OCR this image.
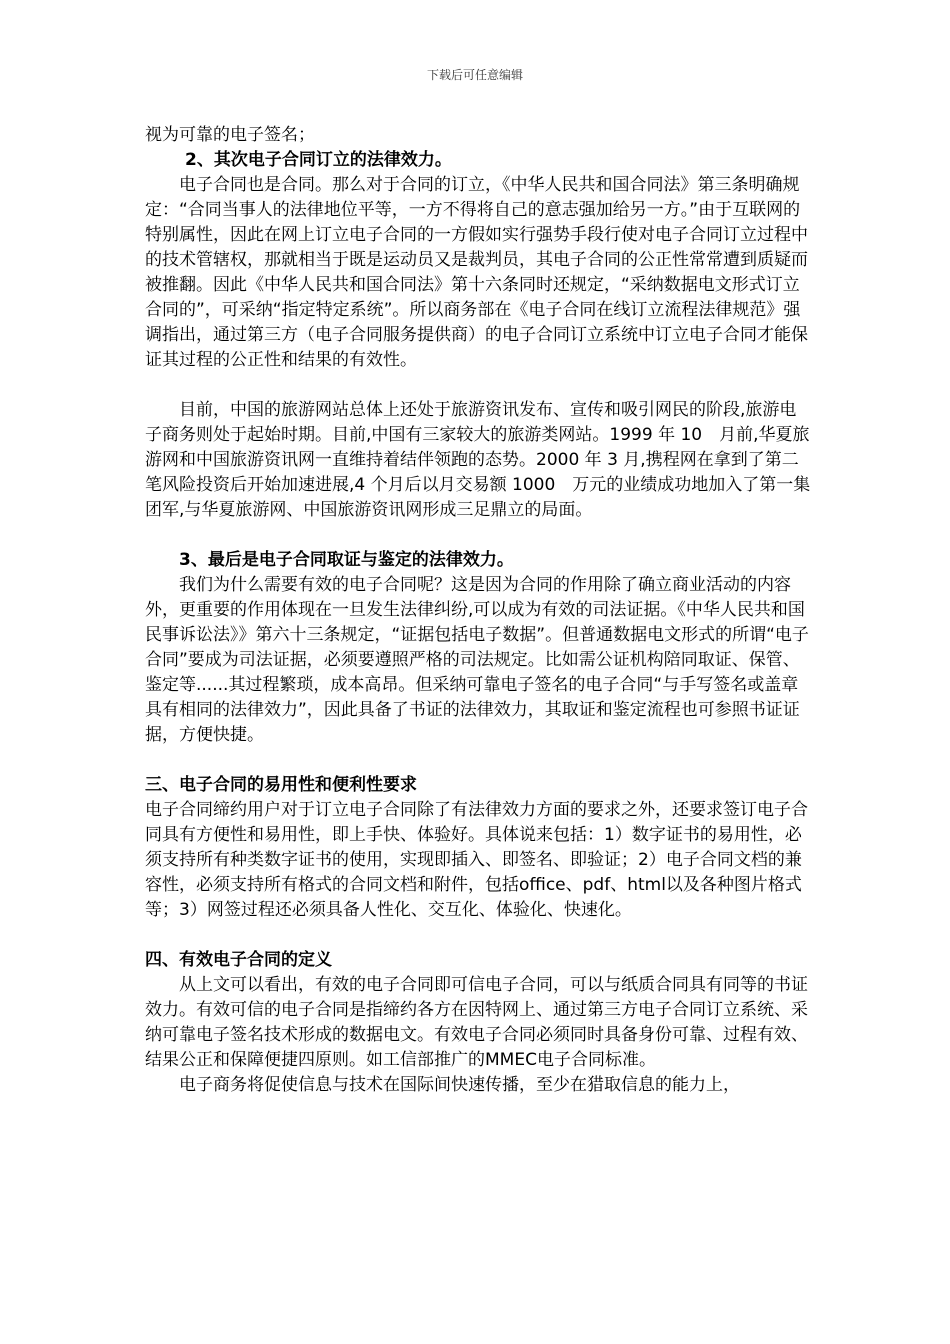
下载后可任意编辑

视为可靠的电子签名；

2、其次电子合同订立的法律效力。

电子合同也是合同。那么对于合同的订立，《中华人民共和国合同法》第三条明确规定：“合同当事人的法律地位平等，一方不得将自己的意志强加给另一方。”由于互联网的特别属性，因此在网上订立电子合同的一方假如实行强势手段行使对电子合同订立过程中的技术管辖权，那就相当于既是运动员又是裁判员，其电子合同的公正性常常遭到质疑而被推翻。因此《中华人民共和国合同法》第十六条同时还规定，“采纳数据电文形式订立合同的”，可采纳“指定特定系统”。所以商务部在《电子合同在线订立流程法律规范》强调指出，通过第三方（电子合同服务提供商）的电子合同订立系统中订立电子合同才能保证其过程的公正性和结果的有效性。

目前，中国的旅游网站总体上还处于旅游资讯发布、宣传和吸引网民的阶段,旅游电子商务则处于起始时期。目前,中国有三家较大的旅游类网站。1999 年 10　月前,华夏旅游网和中国旅游资讯网一直维持着结伴领跑的态势。2000 年 3 月,携程网在拿到了第二笔风险投资后开始加速进展,4 个月后以月交易额 1000　万元的业绩成功地加入了第一集团军,与华夏旅游网、中国旅游资讯网形成三足鼎立的局面。

3、最后是电子合同取证与鉴定的法律效力。

我们为什么需要有效的电子合同呢？这是因为合同的作用除了确立商业活动的内容外，更重要的作用体现在一旦发生法律纠纷,可以成为有效的司法证据。《中华人民共和国民事诉讼法》》第六十三条规定，“证据包括电子数据”。但普通数据电文形式的所谓“电子合同”要成为司法证据，必须要遵照严格的司法规定。比如需公证机构陪同取证、保管、鉴定等......其过程繁琐，成本高昂。但采纳可靠电子签名的电子合同“与手写签名或盖章具有相同的法律效力”，因此具备了书证的法律效力，其取证和鉴定流程也可参照书证证据，方便快捷。

三、电子合同的易用性和便利性要求

电子合同缔约用户对于订立电子合同除了有法律效力方面的要求之外，还要求签订电子合同具有方便性和易用性，即上手快、体验好。具体说来包括：1）数字证书的易用性，必须支持所有种类数字证书的使用，实现即插入、即签名、即验证；2）电子合同文档的兼容性，必须支持所有格式的合同文档和附件，包括office、pdf、html以及各种图片格式等；3）网签过程还必须具备人性化、交互化、体验化、快速化。

四、有效电子合同的定义

从上文可以看出，有效的电子合同即可信电子合同，可以与纸质合同具有同等的书证效力。有效可信的电子合同是指缔约各方在因特网上、通过第三方电子合同订立系统、采纳可靠电子签名技术形成的数据电文。有效电子合同必须同时具备身份可靠、过程有效、结果公正和保障便捷四原则。如工信部推广的MMEC电子合同标准。

电子商务将促使信息与技术在国际间快速传播，至少在猎取信息的能力上，
